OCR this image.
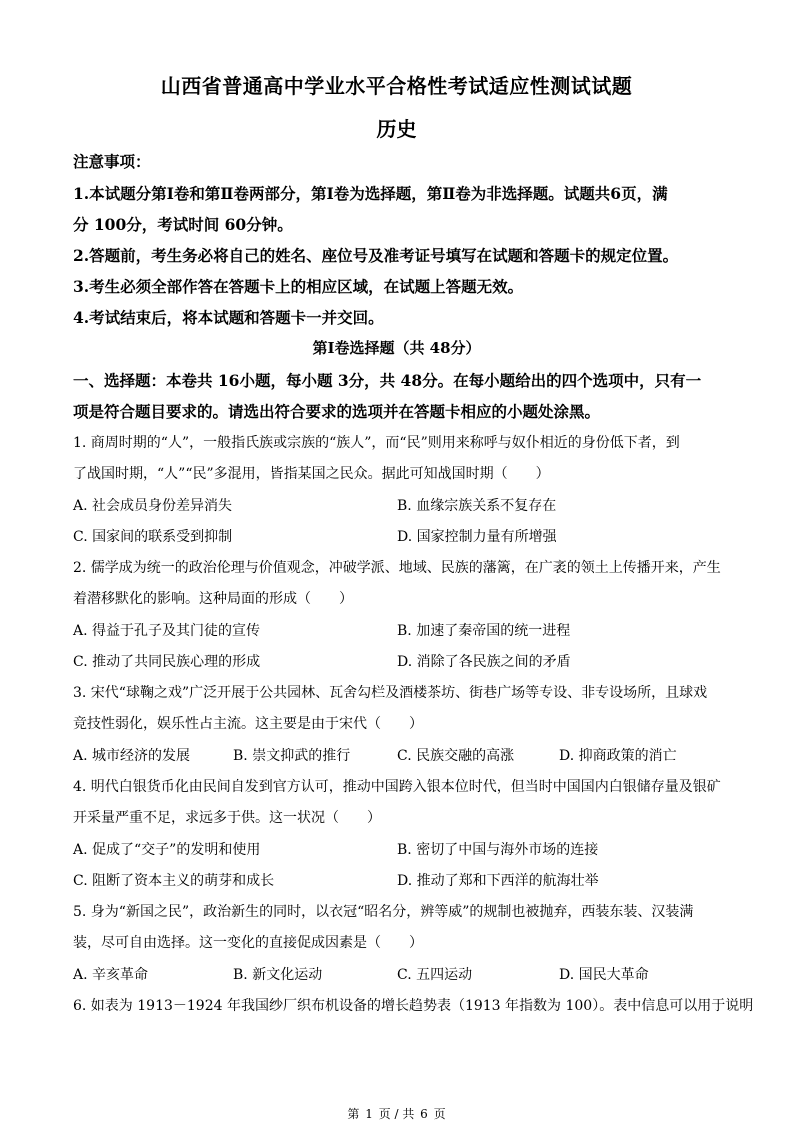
山西省普通高中学业水平合格性考试适应性测试试题
历史
注意事项：
1.本试题分第Ⅰ卷和第Ⅱ卷两部分，第Ⅰ卷为选择题，第Ⅱ卷为非选择题。试题共6页，满
分 100分，考试时间 60分钟。
2.答题前，考生务必将自己的姓名、座位号及准考证号填写在试题和答题卡的规定位置。
3.考生必须全部作答在答题卡上的相应区域，在试题上答题无效。
4.考试结束后，将本试题和答题卡一并交回。
第Ⅰ卷选择题（共 48分）
一、选择题：本卷共 16小题，每小题 3分，共 48分。在每小题给出的四个选项中，只有一
项是符合题目要求的。请选出符合要求的选项并在答题卡相应的小题处涂黑。
1. 商周时期的“人”，一般指氏族或宗族的“族人”，而“民”则用来称呼与奴仆相近的身份低下者，到
了战国时期，“人”“民”多混用，皆指某国之民众。据此可知战国时期（　　）
A. 社会成员身份差异消失	B. 血缘宗族关系不复存在
C. 国家间的联系受到抑制	D. 国家控制力量有所增强
2. 儒学成为统一的政治伦理与价值观念，冲破学派、地域、民族的藩篱，在广袤的领土上传播开来，产生
着潜移默化的影响。这种局面的形成（　　）
A. 得益于孔子及其门徒的宣传	B. 加速了秦帝国的统一进程
C. 推动了共同民族心理的形成	D. 消除了各民族之间的矛盾
3. 宋代“球鞠之戏”广泛开展于公共园林、瓦舍勾栏及酒楼茶坊、街巷广场等专设、非专设场所，且球戏
竞技性弱化，娱乐性占主流。这主要是由于宋代（　　）
A. 城市经济的发展	B. 崇文抑武的推行	C. 民族交融的高涨	D. 抑商政策的消亡
4. 明代白银货币化由民间自发到官方认可，推动中国跨入银本位时代，但当时中国国内白银储存量及银矿
开采量严重不足，求远多于供。这一状况（　　）
A. 促成了“交子”的发明和使用	B. 密切了中国与海外市场的连接
C. 阻断了资本主义的萌芽和成长	D. 推动了郑和下西洋的航海壮举
5. 身为“新国之民”，政治新生的同时，以衣冠“昭名分，辨等威”的规制也被抛弃，西装东装、汉装满
装，尽可自由选择。这一变化的直接促成因素是（　　）
A. 辛亥革命	B. 新文化运动	C. 五四运动	D. 国民大革命
6. 如表为 1913－1924 年我国纱厂织布机设备的增长趋势表（1913 年指数为 100）。表中信息可以用于说明
第 1 页 / 共 6 页
